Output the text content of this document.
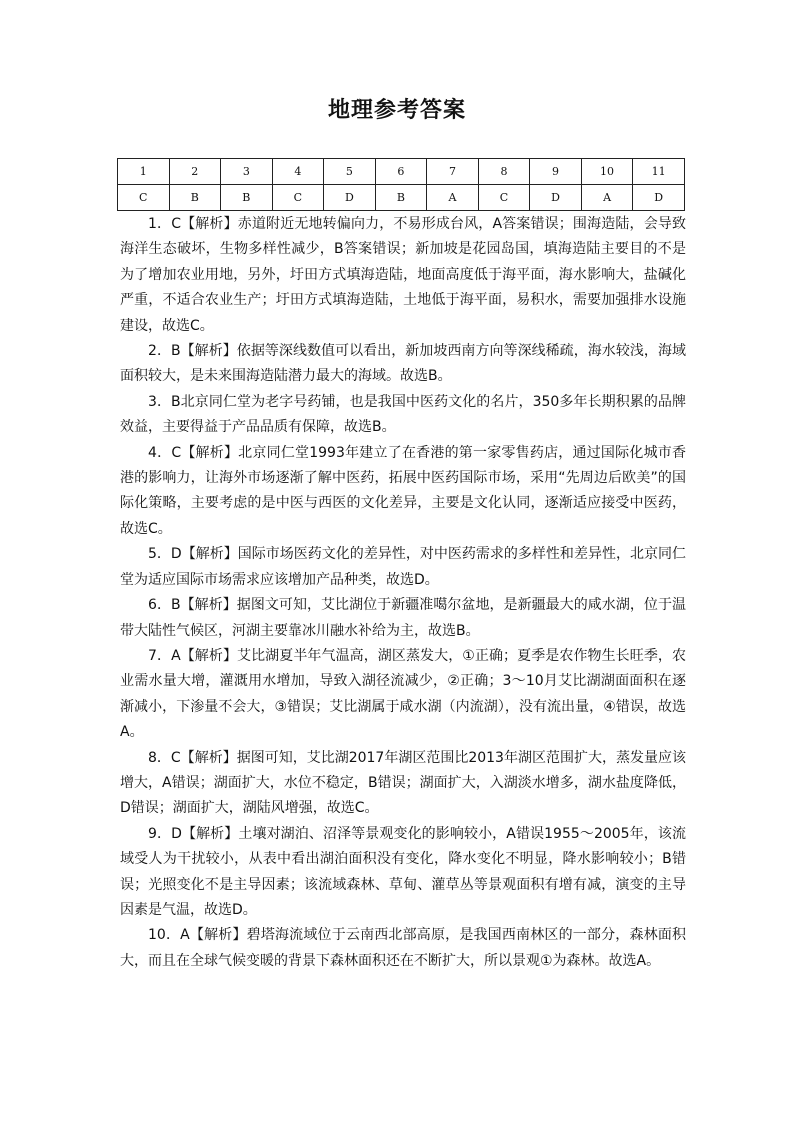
地理参考答案
1	2	3	4	5	6	7	8	9	10	11
C	B	B	C	D	B	A	C	D	A	D

1．C【解析】赤道附近无地转偏向力，不易形成台风，A答案错误；围海造陆，会导致海洋生态破坏，生物多样性减少，B答案错误；新加坡是花园岛国，填海造陆主要目的不是为了增加农业用地，另外，圩田方式填海造陆，地面高度低于海平面，海水影响大，盐碱化严重，不适合农业生产；圩田方式填海造陆，土地低于海平面，易积水，需要加强排水设施建设，故选C。

2．B【解析】依据等深线数值可以看出，新加坡西南方向等深线稀疏，海水较浅，海域面积较大，是未来围海造陆潜力最大的海域。故选B。

3．B北京同仁堂为老字号药铺，也是我国中医药文化的名片，350多年长期积累的品牌效益，主要得益于产品品质有保障，故选B。

4．C【解析】北京同仁堂1993年建立了在香港的第一家零售药店，通过国际化城市香港的影响力，让海外市场逐渐了解中医药，拓展中医药国际市场，采用“先周边后欧美”的国际化策略，主要考虑的是中医与西医的文化差异，主要是文化认同，逐渐适应接受中医药，故选C。

5．D【解析】国际市场医药文化的差异性，对中医药需求的多样性和差异性，北京同仁堂为适应国际市场需求应该增加产品种类，故选D。

6．B【解析】据图文可知，艾比湖位于新疆准噶尔盆地，是新疆最大的咸水湖，位于温带大陆性气候区，河湖主要靠冰川融水补给为主，故选B。

7．A【解析】艾比湖夏半年气温高，湖区蒸发大，①正确；夏季是农作物生长旺季，农业需水量大增，灌溉用水增加，导致入湖径流减少，②正确；3～10月艾比湖湖面面积在逐渐减小，下渗量不会大，③错误；艾比湖属于咸水湖（内流湖），没有流出量，④错误，故选A。

8．C【解析】据图可知，艾比湖2017年湖区范围比2013年湖区范围扩大，蒸发量应该增大，A错误；湖面扩大，水位不稳定，B错误；湖面扩大，入湖淡水增多，湖水盐度降低，D错误；湖面扩大，湖陆风增强，故选C。

9．D【解析】土壤对湖泊、沼泽等景观变化的影响较小，A错误1955～2005年，该流域受人为干扰较小，从表中看出湖泊面积没有变化，降水变化不明显，降水影响较小；B错误；光照变化不是主导因素；该流域森林、草甸、灌草丛等景观面积有增有减，演变的主导因素是气温，故选D。

10．A【解析】碧塔海流域位于云南西北部高原，是我国西南林区的一部分，森林面积大，而且在全球气候变暖的背景下森林面积还在不断扩大，所以景观①为森林。故选A。
